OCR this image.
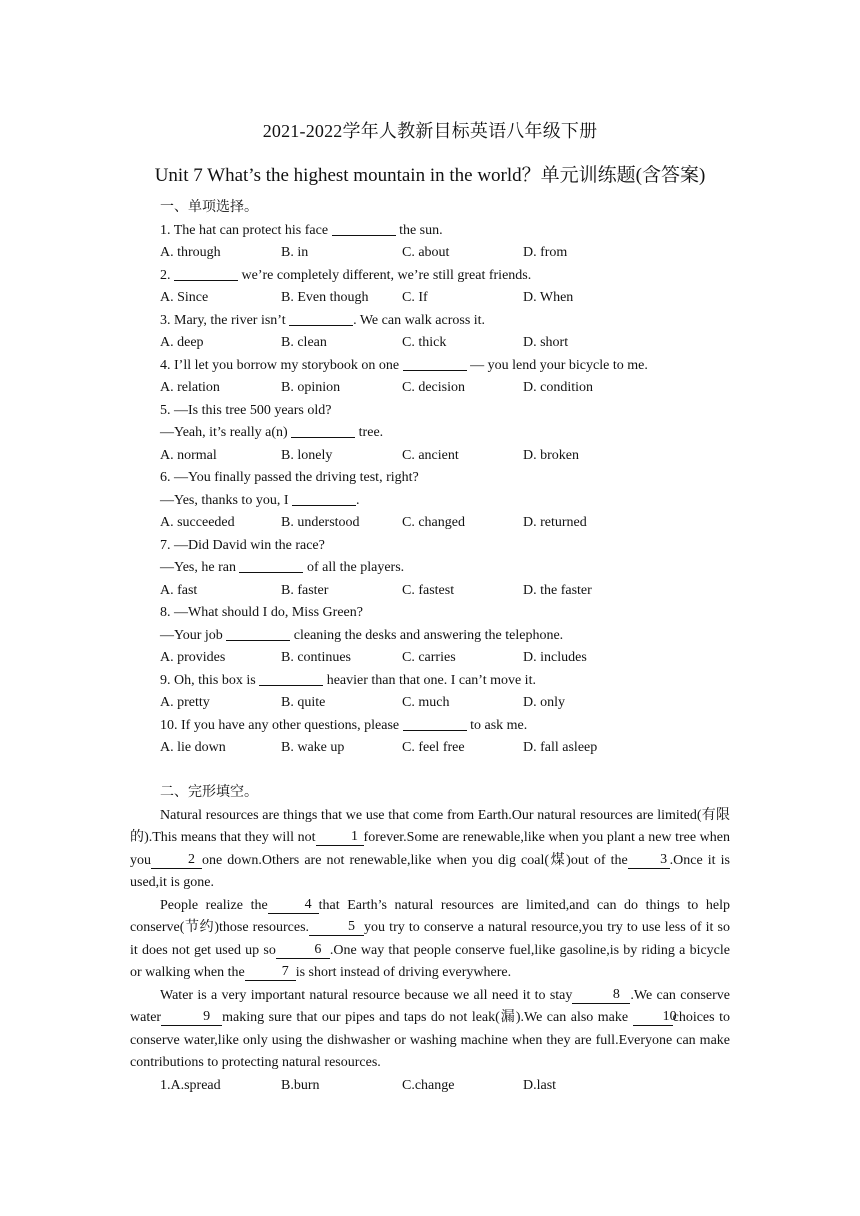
2021-2022学年人教新目标英语八年级下册
Unit 7 What’s the highest mountain in the world？单元训练题(含答案)
一、单项选择。
1. The hat can protect his face	the sun.
A. through	B. in	C. about	D. from
2.	we’re completely different, we’re still great friends.
A. Since	B. Even though	C. If	D. When
3. Mary, the river isn’t	. We can walk across it.
A. deep	B. clean	C. thick	D. short
4. I’ll let you borrow my storybook on one	— you lend your bicycle to me.
A. relation	B. opinion	C. decision	D. condition
5. —Is this tree 500 years old?
—Yeah, it’s really a(n)	tree.
A. normal	B. lonely	C. ancient	D. broken
6. —You finally passed the driving test, right?
—Yes, thanks to you, I	.
A. succeeded	B. understood	C. changed	D. returned
7. —Did David win the race?
—Yes, he ran	of all the players.
A. fast	B. faster	C. fastest	D. the faster
8. —What should I do, Miss Green?
—Your job	cleaning the desks and answering the telephone.
A. provides	B. continues	C. carries	D. includes
9. Oh, this box is	heavier than that one. I can’t move it.
A. pretty	B. quite	C. much	D. only
10. If you have any other questions, please	to ask me.
A. lie down	B. wake up	C. feel free	D. fall asleep
二、完形填空。

Natural resources are things that we use that come from Earth.Our natural resources are limited(有限的).This means that they will not	1 forever.Some are renewable,like when you plant a new tree when you	2 one down.Others are not renewable,like when you dig coal(煤)out of the 3 .Once it is used,it is gone.

People realize the	4 that Earth’s natural resources are limited,and can do things to help conserve(节约)those resources.	5 you try to conserve a natural resource,you try to use less of it so it does not get used up so	6 .One way that people conserve fuel,like gasoline,is by riding a bicycle or walking when the	7 is short instead of driving everywhere.

Water is a very important natural resource because we all need it to stay	8 .We can conserve water	9 making sure that our pipes and taps do not leak(漏).We can also make 10choices to conserve water,like only using the dishwasher or washing machine when they are full.Everyone can make contributions to protecting natural resources.

1.A.spread	B.burn	C.change	D.last
